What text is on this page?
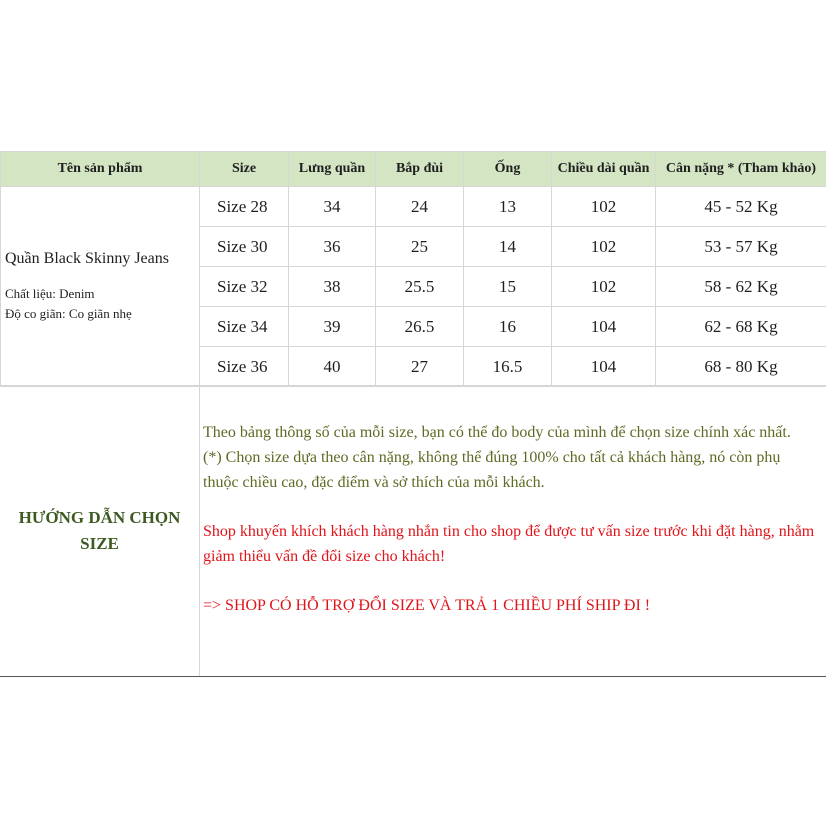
Tên sản phẩm	Size	Lưng quần	Bắp đùi	Ống	Chiều dài quần	Cân nặng * (Tham khảo)

Quần Black Skinny Jeans
Chất liệu: Denim
Độ co giãn: Co giãn nhẹ	Size 28	34	24	13	102	45 - 52 Kg
	Size 30	36	25	14	102	53 - 57 Kg
	Size 32	38	25.5	15	102	58 - 62 Kg
	Size 34	39	26.5	16	104	62 - 68 Kg
	Size 36	40	27	16.5	104	68 - 80 Kg
HƯỚNG DẪN CHỌN SIZE

Theo bảng thông số của mỗi size, bạn có thể đo body của mình để chọn size chính xác nhất.

(*) Chọn size dựa theo cân nặng, không thể đúng 100% cho tất cả khách hàng, nó còn phụ thuộc chiều cao, đặc điểm và sở thích của mỗi khách.

Shop khuyến khích khách hàng nhắn tin cho shop để được tư vấn size trước khi đặt hàng, nhằm giảm thiểu vấn đề đổi size cho khách!

=> SHOP CÓ HỖ TRỢ ĐỔI SIZE VÀ TRẢ 1 CHIỀU PHÍ SHIP ĐI !
